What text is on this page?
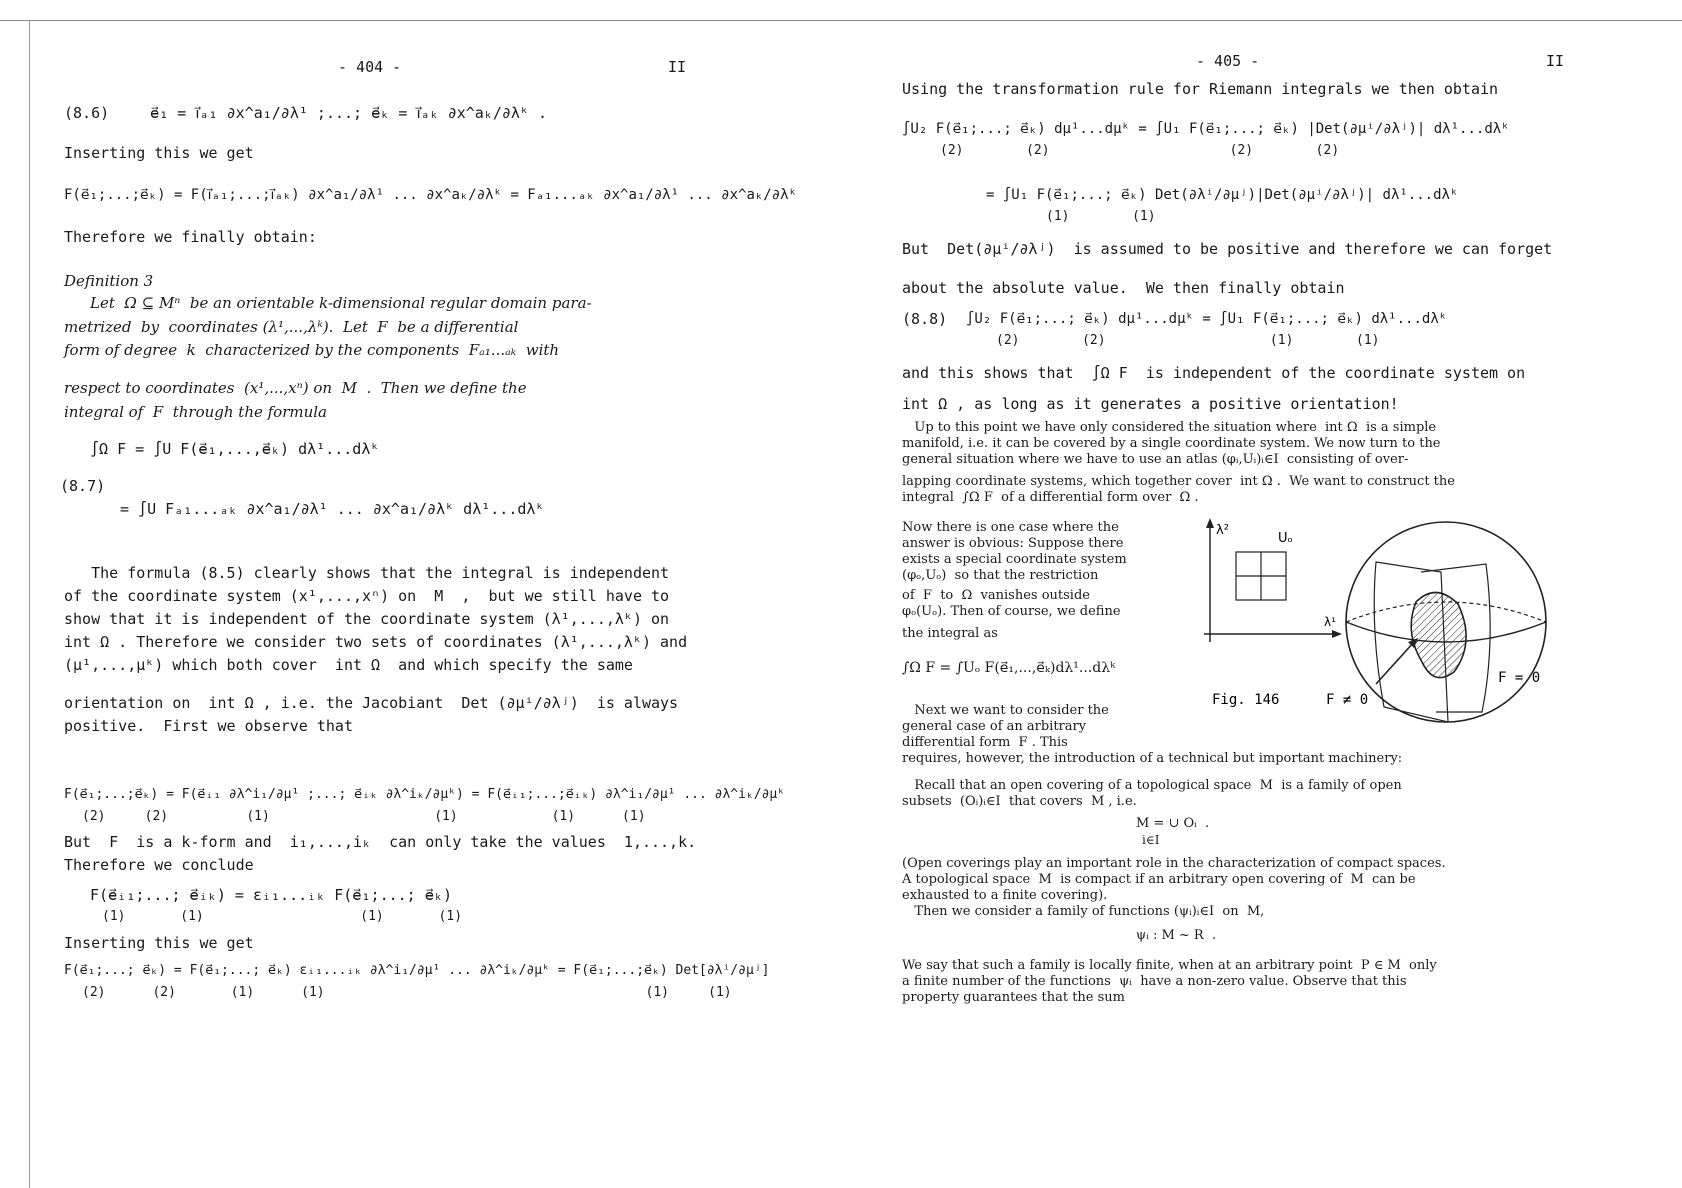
- 404 -	II
(8.6)	e⃗₁ = i⃗ₐ₁ ∂x^a₁/∂λ¹ ;...; e⃗ₖ = i⃗ₐₖ ∂x^aₖ/∂λᵏ .
Inserting this we get
F(e⃗₁;...;e⃗ₖ) = F(i⃗ₐ₁;...;i⃗ₐₖ) ∂x^a₁/∂λ¹ ... ∂x^aₖ/∂λᵏ = Fₐ₁...ₐₖ ∂x^a₁/∂λ¹ ... ∂x^aₖ/∂λᵏ
Therefore we finally obtain:
Definition 3
Let  Ω ⊆ Mⁿ  be an orientable k-dimensional regular domain para-
metrized  by  coordinates (λ¹,...,λᵏ).  Let  F  be a differential
form of degree  k  characterized by the components  Fₐ₁...ₐₖ  with
respect to coordinates  (x¹,...,xⁿ) on  M  .  Then we define the
integral of  F  through the formula
(8.7)
∫Ω F = ∫U F(e⃗₁,...,e⃗ₖ) dλ¹...dλᵏ
= ∫U Fₐ₁...ₐₖ ∂x^a₁/∂λ¹ ... ∂x^a₁/∂λᵏ dλ¹...dλᵏ
The formula (8.5) clearly shows that the integral is independent
of the coordinate system (x¹,...,xⁿ) on  M  ,  but we still have to
show that it is independent of the coordinate system (λ¹,...,λᵏ) on
int Ω . Therefore we consider two sets of coordinates (λ¹,...,λᵏ) and
(μ¹,...,μᵏ) which both cover  int Ω  and which specify the same
orientation on  int Ω , i.e. the Jacobiant  Det (∂μⁱ/∂λʲ)  is always
positive.  First we observe that
F(e⃗₁;...;e⃗ₖ) = F(e⃗ᵢ₁ ∂λ^i₁/∂μ¹ ;...; e⃗ᵢₖ ∂λ^iₖ/∂μᵏ) = F(e⃗ᵢ₁;...;e⃗ᵢₖ) ∂λ^i₁/∂μ¹ ... ∂λ^iₖ/∂μᵏ
(2)     (2)          (1)                     (1)            (1)      (1)
But  F  is a k-form and  i₁,...,iₖ  can only take the values  1,...,k.
Therefore we conclude
F(e⃗ᵢ₁;...; e⃗ᵢₖ) = εᵢ₁...ᵢₖ F(e⃗₁;...; e⃗ₖ)
(1)       (1)                    (1)       (1)
Inserting this we get
F(e⃗₁;...; e⃗ₖ) = F(e⃗₁;...; e⃗ₖ) εᵢ₁...ᵢₖ ∂λ^i₁/∂μ¹ ... ∂λ^iₖ/∂μᵏ = F(e⃗₁;...;e⃗ₖ) Det[∂λⁱ/∂μʲ]
(2)      (2)       (1)      (1)                                         (1)     (1)
- 405 -	II
Using the transformation rule for Riemann integrals we then obtain
∫U₂ F(e⃗₁;...; e⃗ₖ) dμ¹...dμᵏ = ∫U₁ F(e⃗₁;...; e⃗ₖ) |Det(∂μⁱ/∂λʲ)| dλ¹...dλᵏ
(2)        (2)                       (2)        (2)
= ∫U₁ F(e⃗₁;...; e⃗ₖ) Det(∂λⁱ/∂μʲ)|Det(∂μⁱ/∂λʲ)| dλ¹...dλᵏ
(1)        (1)
But  Det(∂μⁱ/∂λʲ)  is assumed to be positive and therefore we can forget
about the absolute value.  We then finally obtain
(8.8) ∫U₂ F(e⃗₁;...; e⃗ₖ) dμ¹...dμᵏ = ∫U₁ F(e⃗₁;...; e⃗ₖ) dλ¹...dλᵏ
(2)        (2)                     (1)        (1)
and this shows that  ∫Ω F  is independent of the coordinate system on
int Ω , as long as it generates a positive orientation!
Up to this point we have only considered the situation where  int Ω  is a simple
manifold, i.e. it can be covered by a single coordinate system. We now turn to the
general situation where we have to use an atlas (φᵢ,Uᵢ)ᵢ∈I  consisting of over-
lapping coordinate systems, which together cover  int Ω .  We want to construct the
integral  ∫Ω F  of a differential form over  Ω .
Now there is one case where the
answer is obvious: Suppose there
exists a special coordinate system
(φₒ,Uₒ)  so that the restriction
of  F  to  Ω  vanishes outside
φₒ(Uₒ). Then of course, we define
the integral as
∫Ω F = ∫Uₒ F(e⃗₁,...,e⃗ₖ)dλ¹...dλᵏ
Next we want to consider the
general case of an arbitrary
differential form  F . This
requires, however, the introduction of a technical but important machinery:
λ²
Uₒ
λ¹
F = 0
Fig. 146	F ≠ 0
Recall that an open covering of a topological space  M  is a family of open
subsets  (Oᵢ)ᵢ∈I  that covers  M , i.e.
M = ∪ Oᵢ  .
i∈I
(Open coverings play an important role in the characterization of compact spaces.
A topological space  M  is compact if an arbitrary open covering of  M  can be
exhausted to a finite covering).
Then we consider a family of functions (ψᵢ)ᵢ∈I  on  M,
ψᵢ : M ~ R  .
We say that such a family is locally finite, when at an arbitrary point  P ∈ M  only
a finite number of the functions  ψᵢ  have a non-zero value. Observe that this
property guarantees that the sum
